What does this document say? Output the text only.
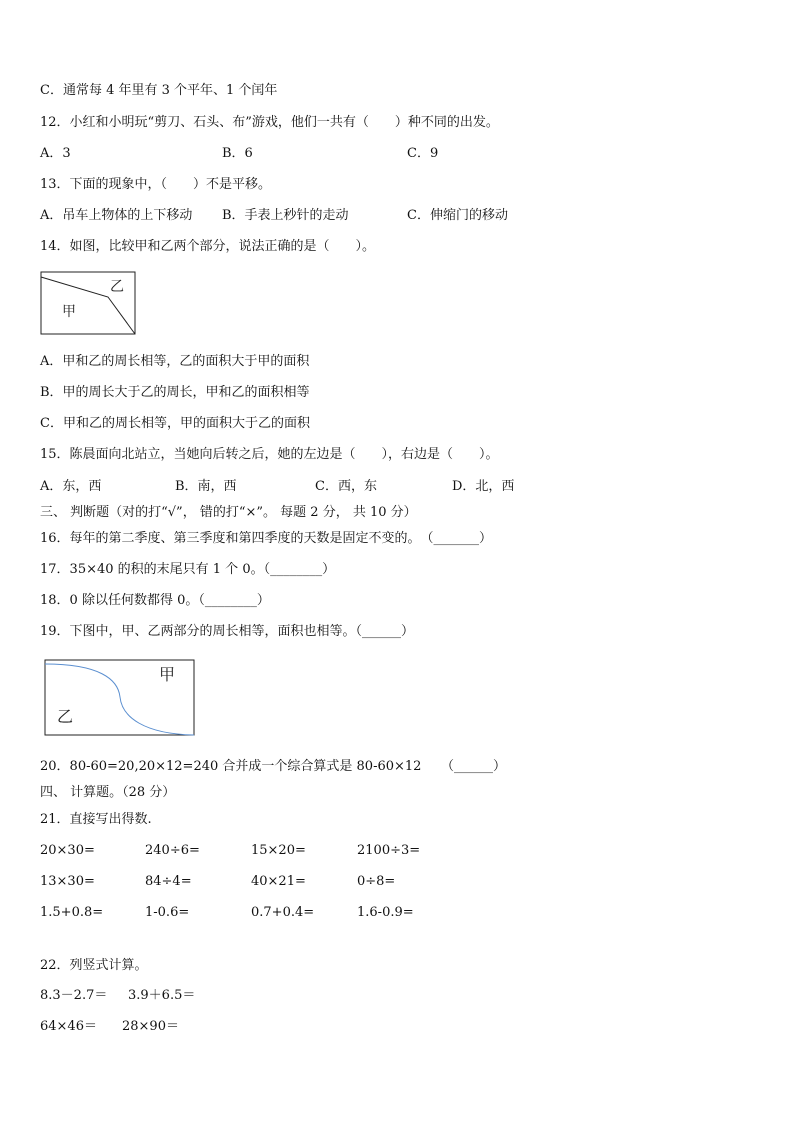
C．通常每 4 年里有 3 个平年、1 个闰年
12．小红和小明玩“剪刀、石头、布”游戏，他们一共有（　　）种不同的出发。
A．3	B．6	C．9
13．下面的现象中，（　　）不是平移。
A．吊车上物体的上下移动 B．手表上秒针的走动	C．伸缩门的移动
14．如图，比较甲和乙两个部分，说法正确的是（　　）。
乙
甲
A．甲和乙的周长相等，乙的面积大于甲的面积
B．甲的周长大于乙的周长，甲和乙的面积相等
C．甲和乙的周长相等，甲的面积大于乙的面积
15．陈晨面向北站立，当她向后转之后，她的左边是（　　），右边是（　　）。
A．东，西	B．南，西	C．西，东	D．北，西
三、 判断题（对的打“√”， 错的打“×”。 每题 2 分， 共 10 分）
16．每年的第二季度、第三季度和第四季度的天数是固定不变的。　（_______）
17．35×40 的积的末尾只有 1 个 0。（________）
18．0 除以任何数都得 0。（________）
19．下图中，甲、乙两部分的周长相等，面积也相等。（______）
甲
乙
20．80-60=20,20×12=240 合并成一个综合算式是 80-60×12　　（______）
四、 计算题。（28 分）
21．直接写出得数.
20×30=	240÷6=	15×20=	2100÷3=
13×30=	84÷4=	40×21=	0÷8=
1.5+0.8=	1-0.6=	0.7+0.4=	1.6-0.9=
22．列竖式计算。
8.3－2.7＝ 3.9＋6.5＝
64×46＝ 28×90＝
